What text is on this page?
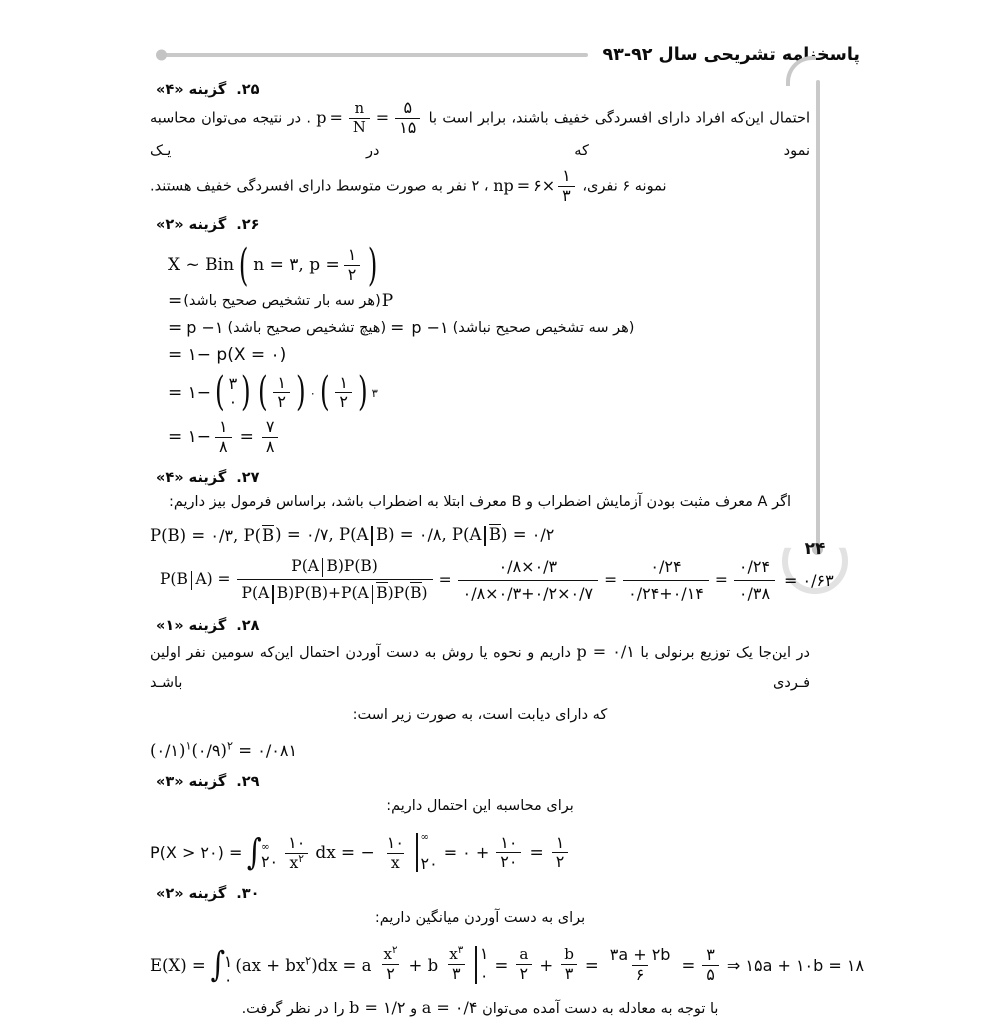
پاسخنامه تشریحی سال ۹۲-۹۳
۲۴
۲۵.
گزینه «۴»
احتمال این‌که افراد دارای افسردگی خفیف باشند، برابر است با
$p = \frac{n}{N} = \frac{۵}{۱۵}$
. در نتیجه می‌توان محاسبه نمود که در یـک
نمونه ۶ نفری،
np = ۶× $\frac{۱}{۳}$
، ۲ نفر به صورت متوسط دارای افسردگی خفیف هستند.
۲۶.
گزینه «۲»
X ~ Bin ( n = ۳, $p = \frac{۱}{۲}$ )
P
(هر سه بار تشخیص صحیح باشد)
=
(هر سه تشخیص صحیح نباشد)
۱− p
=
(هیچ تشخیص صحیح باشد)
۱− p
=
= ۱− p(X = ۰)
= ۱− ( ۳
۰ ) ( $\frac{۱}{۲}$ ) ۰ ( $\frac{۱}{۲}$ ) ۳
= ۱− $\frac{۱}{۸} = \frac{۷}{۸}$
۲۷.
گزینه «۴»
اگر A معرف مثبت بودن آزمایش اضطراب و B معرف ابتلا به اضطراب باشد، براساس فرمول بیز داریم:
P(B) = ۰/۳, P( B ) = ۰/۷, P(A B) = ۰/۸, P(A B) = ۰/۲
P(B $A) = \frac{\text{P(A B)P(B)}}{\text{P(A B)P(B)+P(A B)P(B)}}$ =
۰/۸×۰/۳
۰/۸×۰/۳+۰/۲×۰/۷
=
۰/۲۴
۰/۲۴+۰/۱۴
=
۰/۲۴
۰/۳۸
= ۰/۶۳
۲۸.
گزینه «۱»
در این‌جا یک توزیع برنولی با p = ۰/۱ داریم و نحوه یا روش به دست آوردن احتمال این‌که سومین نفر اولین فـردی باشـد
که دارای دیابت است، به صورت زیر است:
(۰/۱)$^۱$(۰/۹)$^۲$ = ۰/۰۸۱
۲۹.
گزینه «۳»
برای محاسبه این احتمال داریم:
P(X > ۲۰) = ∫
∞
۲۰ $\frac{۱۰}{x^۲}$ dx = − $\frac{۱۰}{x}$ ∞
۲۰
= ۰ + $\frac{۱۰}{۲۰} = \frac{۱}{۲}$
۳۰.
گزینه «۲»
برای به دست آوردن میانگین داریم:
E(X) = ∫
۱
۰
$(ax + bx^۲)dx = a \frac{x^۲}{۲} + b \frac{x^۳}{۳}$ ۱
۰
= $\frac{a}{۲} + \frac{b}{۳} = \frac{۳a + ۲b}{۶} = \frac{۳}{۵}$ ⇒ ۱۵a + ۱۰b = ۱۸
با توجه به معادله به دست آمده می‌توان a = ۰/۴ و b = ۱/۲ را در نظر گرفت.
